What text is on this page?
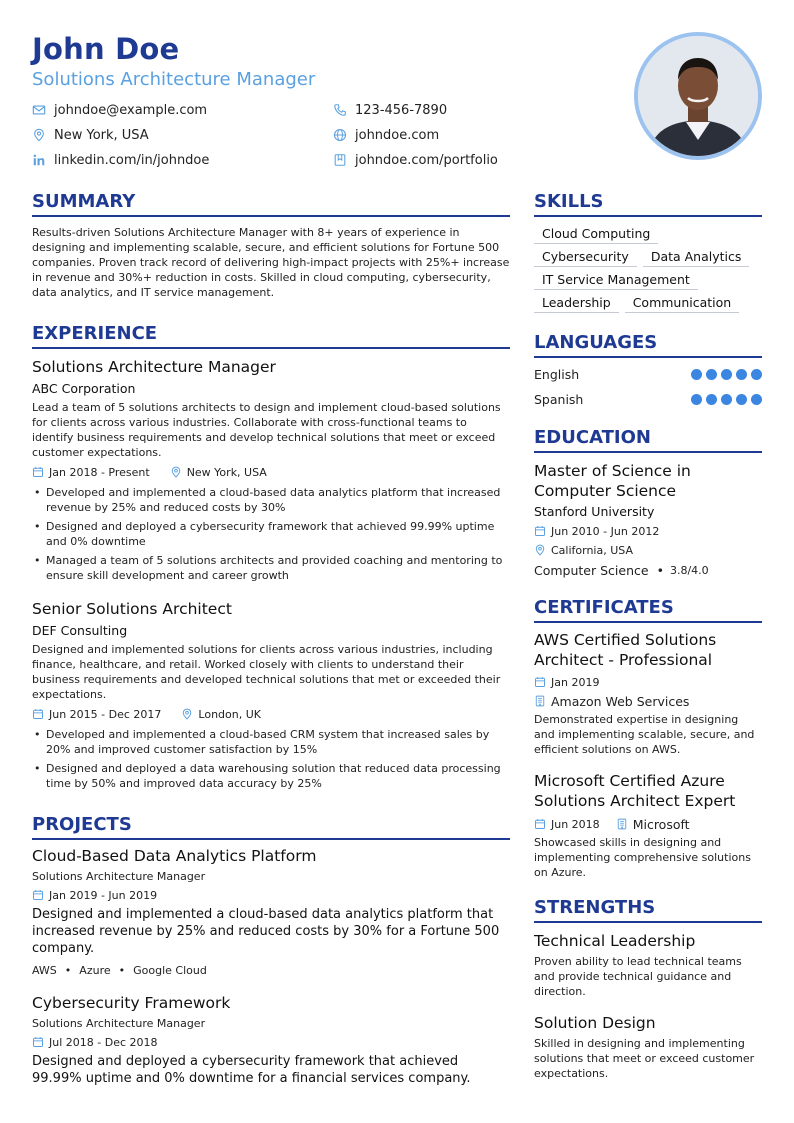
John Doe
Solutions Architecture Manager
johndoe@example.com	123-456-7890
New York, USA	johndoe.com
linkedin.com/in/johndoe	johndoe.com/portfolio
SUMMARY

Results-driven Solutions Architecture Manager with 8+ years of experience in designing and implementing scalable, secure, and efficient solutions for Fortune 500 companies. Proven track record of delivering high-impact projects with 25%+ increase in revenue and 30%+ reduction in costs. Skilled in cloud computing, cybersecurity, data analytics, and IT service management.

EXPERIENCE
Solutions Architecture Manager
ABC Corporation

Lead a team of 5 solutions architects to design and implement cloud-based solutions for clients across various industries. Collaborate with cross-functional teams to identify business requirements and develop technical solutions that meet or exceed customer expectations.

Jan 2018 - Present	New York, USA
• Developed and implemented a cloud-based data analytics platform that increased revenue by 25% and reduced costs by 30%
• Designed and deployed a cybersecurity framework that achieved 99.99% uptime and 0% downtime
• Managed a team of 5 solutions architects and provided coaching and mentoring to ensure skill development and career growth
Senior Solutions Architect
DEF Consulting

Designed and implemented solutions for clients across various industries, including finance, healthcare, and retail. Worked closely with clients to understand their business requirements and developed technical solutions that met or exceeded their expectations.

Jun 2015 - Dec 2017	London, UK
• Developed and implemented a cloud-based CRM system that increased sales by 20% and improved customer satisfaction by 15%
• Designed and deployed a data warehousing solution that reduced data processing time by 50% and improved data accuracy by 25%
PROJECTS
Cloud-Based Data Analytics Platform
Solutions Architecture Manager
Jan 2019 - Jun 2019

Designed and implemented a cloud-based data analytics platform that increased revenue by 25% and reduced costs by 30% for a Fortune 500 company.

AWS • Azure • Google Cloud
Cybersecurity Framework
Solutions Architecture Manager
Jul 2018 - Dec 2018

Designed and deployed a cybersecurity framework that achieved 99.99% uptime and 0% downtime for a financial services company.

SKILLS
Cloud Computing
Cybersecurity	Data Analytics
IT Service Management
Leadership	Communication
LANGUAGES
English
Spanish
EDUCATION
Master of Science in Computer Science
Stanford University
Jun 2010 - Jun 2012
California, USA
Computer Science • 3.8/4.0
CERTIFICATES
AWS Certified Solutions Architect - Professional
Jan 2019
Amazon Web Services

Demonstrated expertise in designing and implementing scalable, secure, and efficient solutions on AWS.

Microsoft Certified Azure Solutions Architect Expert
Jun 2018	Microsoft

Showcased skills in designing and implementing comprehensive solutions on Azure.

STRENGTHS
Technical Leadership

Proven ability to lead technical teams and provide technical guidance and direction.

Solution Design

Skilled in designing and implementing solutions that meet or exceed customer expectations.
